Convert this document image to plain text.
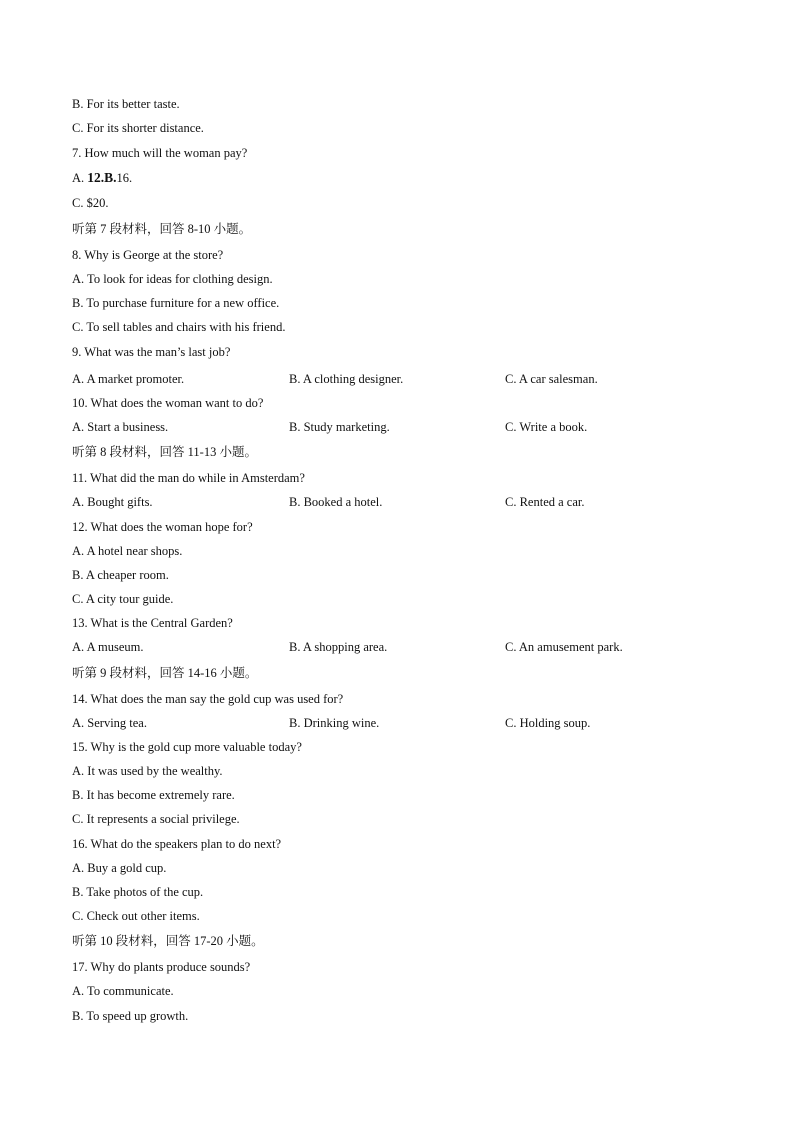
B. For its better taste.
C. For its shorter distance.
7. How much will the woman pay?
A. 12.B.16.
C. $20.
听第 7 段材料，回答 8-10 小题。
8. Why is George at the store?
A. To look for ideas for clothing design.
B. To purchase furniture for a new office.
C. To sell tables and chairs with his friend.
9. What was the man’s last job?
A. A market promoter.	B. A clothing designer.	C. A car salesman.
10. What does the woman want to do?
A. Start a business.	B. Study marketing.	C. Write a book.
听第 8 段材料，回答 11-13 小题。
11. What did the man do while in Amsterdam?
A. Bought gifts.	B. Booked a hotel.	C. Rented a car.
12. What does the woman hope for?
A. A hotel near shops.
B. A cheaper room.
C. A city tour guide.
13. What is the Central Garden?
A. A museum.	B. A shopping area.	C. An amusement park.
听第 9 段材料，回答 14-16 小题。
14. What does the man say the gold cup was used for?
A. Serving tea.	B. Drinking wine.	C. Holding soup.
15. Why is the gold cup more valuable today?
A. It was used by the wealthy.
B. It has become extremely rare.
C. It represents a social privilege.
16. What do the speakers plan to do next?
A. Buy a gold cup.
B. Take photos of the cup.
C. Check out other items.
听第 10 段材料，回答 17-20 小题。
17. Why do plants produce sounds?
A. To communicate.
B. To speed up growth.
